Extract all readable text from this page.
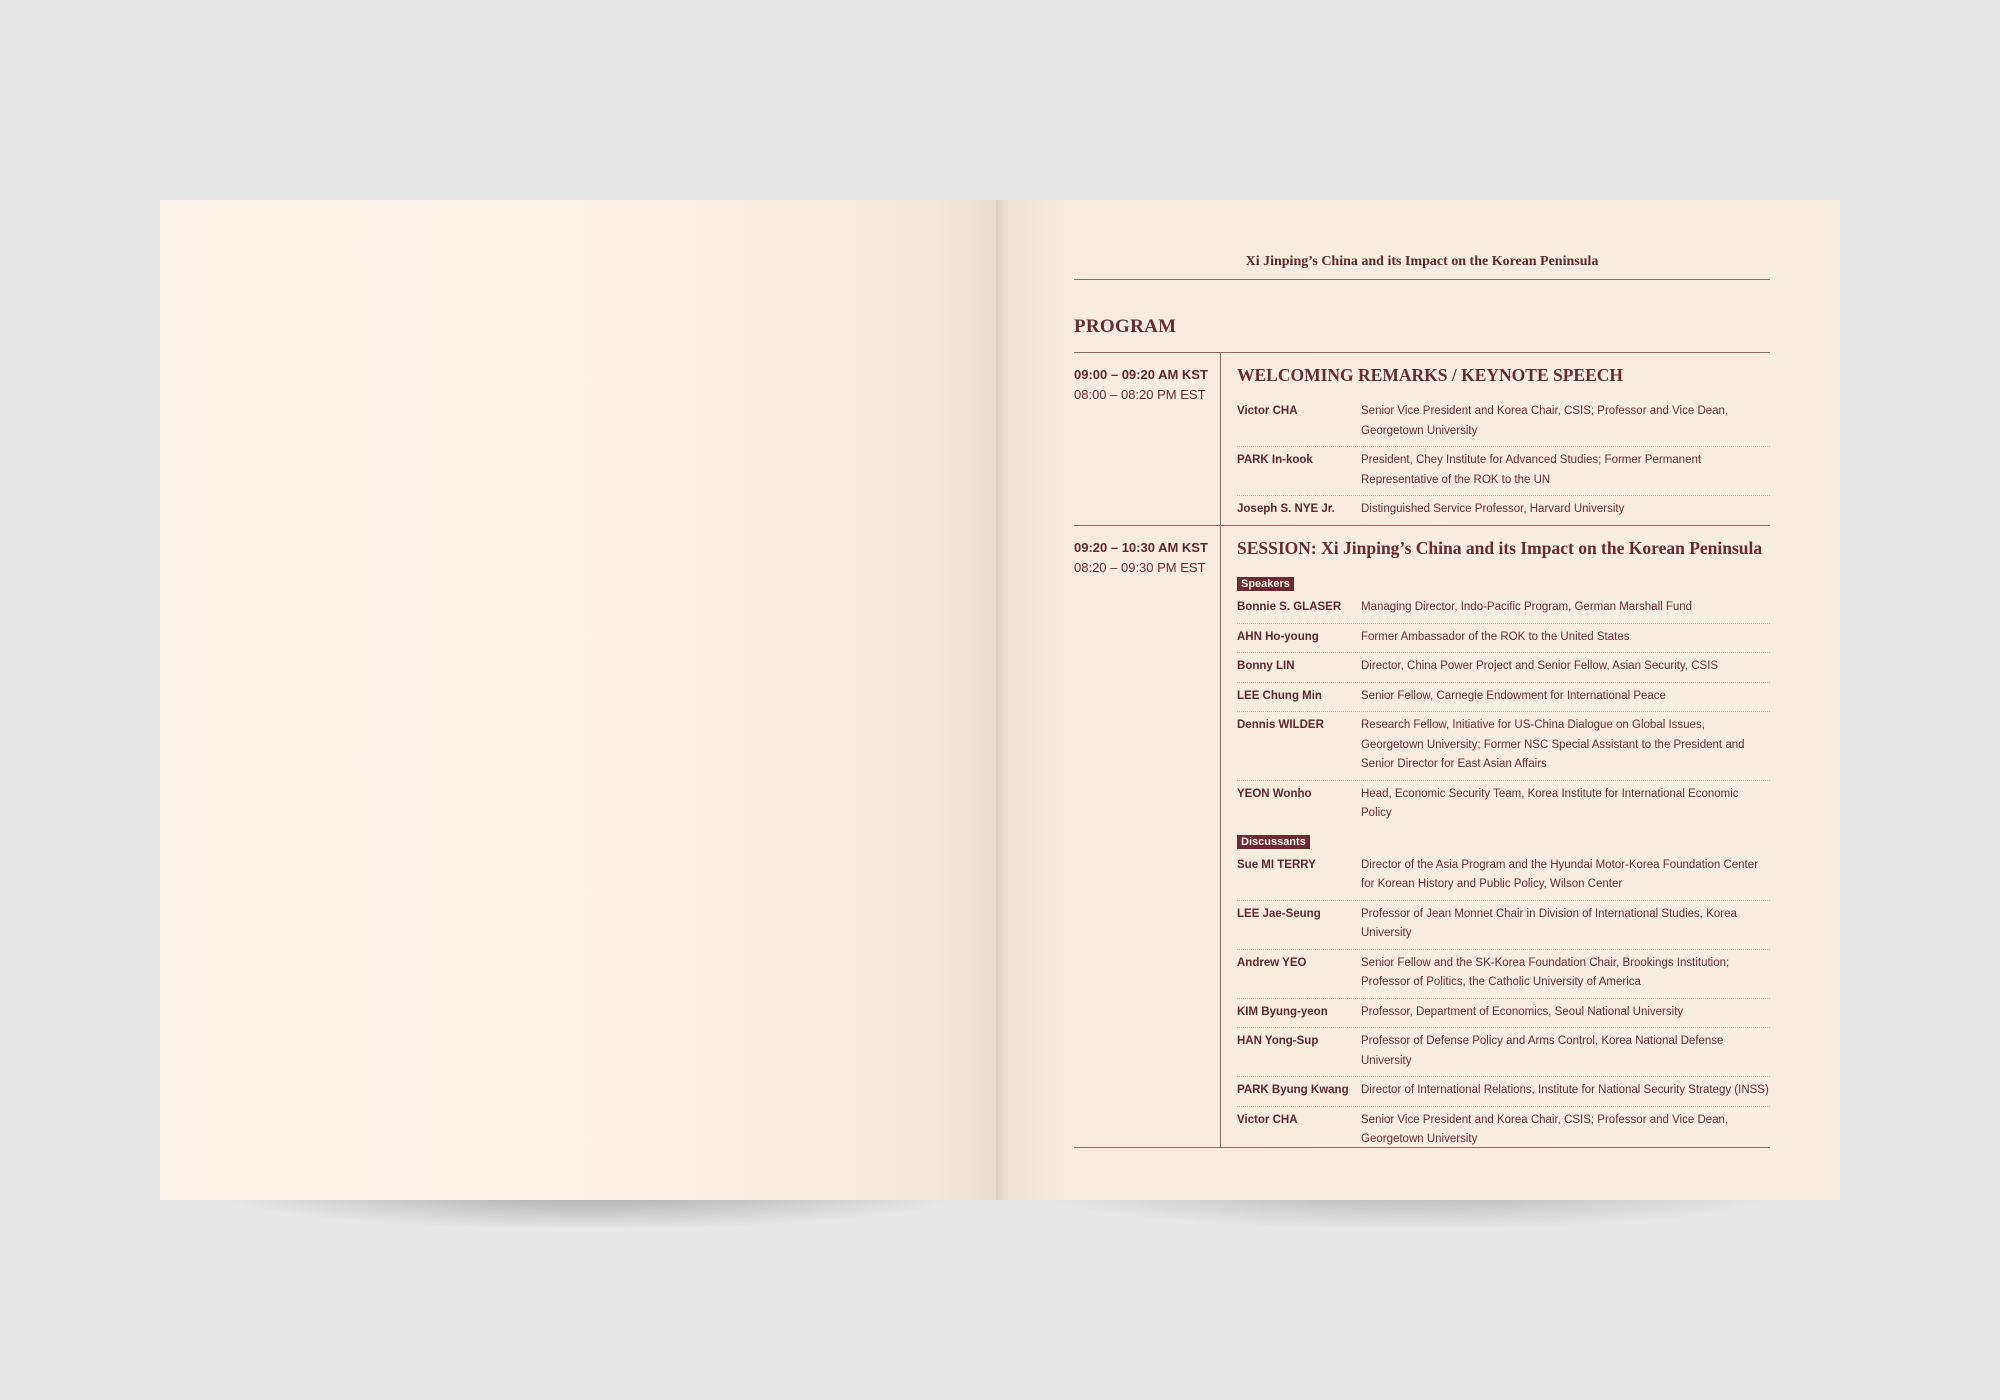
Xi Jinping’s China and its Impact on the Korean Peninsula
PROGRAM
09:00 – 09:20 AM KST
08:00 – 08:20 PM EST
WELCOMING REMARKS / KEYNOTE SPEECH
Victor CHA	Senior Vice President and Korea Chair, CSIS; Professor and Vice Dean, Georgetown University
PARK In-kook	President, Chey Institute for Advanced Studies; Former Permanent Representative of the ROK to the UN
Joseph S. NYE Jr.	Distinguished Service Professor, Harvard University
09:20 – 10:30 AM KST
08:20 – 09:30 PM EST
SESSION: Xi Jinping’s China and its Impact on the Korean Peninsula
Speakers
Bonnie S. GLASER	Managing Director, Indo-Pacific Program, German Marshall Fund
AHN Ho-young	Former Ambassador of the ROK to the United States
Bonny LIN	Director, China Power Project and Senior Fellow, Asian Security, CSIS
LEE Chung Min	Senior Fellow, Carnegie Endowment for International Peace
Dennis WILDER	Research Fellow, Initiative for US-China Dialogue on Global Issues, Georgetown University; Former NSC Special Assistant to the President and Senior Director for East Asian Affairs
YEON Wonho	Head, Economic Security Team, Korea Institute for International Economic Policy
Discussants
Sue MI TERRY	Director of the Asia Program and the Hyundai Motor-Korea Foundation Center for Korean History and Public Policy, Wilson Center
LEE Jae-Seung	Professor of Jean Monnet Chair in Division of International Studies, Korea University
Andrew YEO	Senior Fellow and the SK-Korea Foundation Chair, Brookings Institution; Professor of Politics, the Catholic University of America
KIM Byung-yeon	Professor, Department of Economics, Seoul National University
HAN Yong-Sup	Professor of Defense Policy and Arms Control, Korea National Defense University
PARK Byung Kwang	Director of International Relations, Institute for National Security Strategy (INSS)
Victor CHA	Senior Vice President and Korea Chair, CSIS; Professor and Vice Dean, Georgetown University
